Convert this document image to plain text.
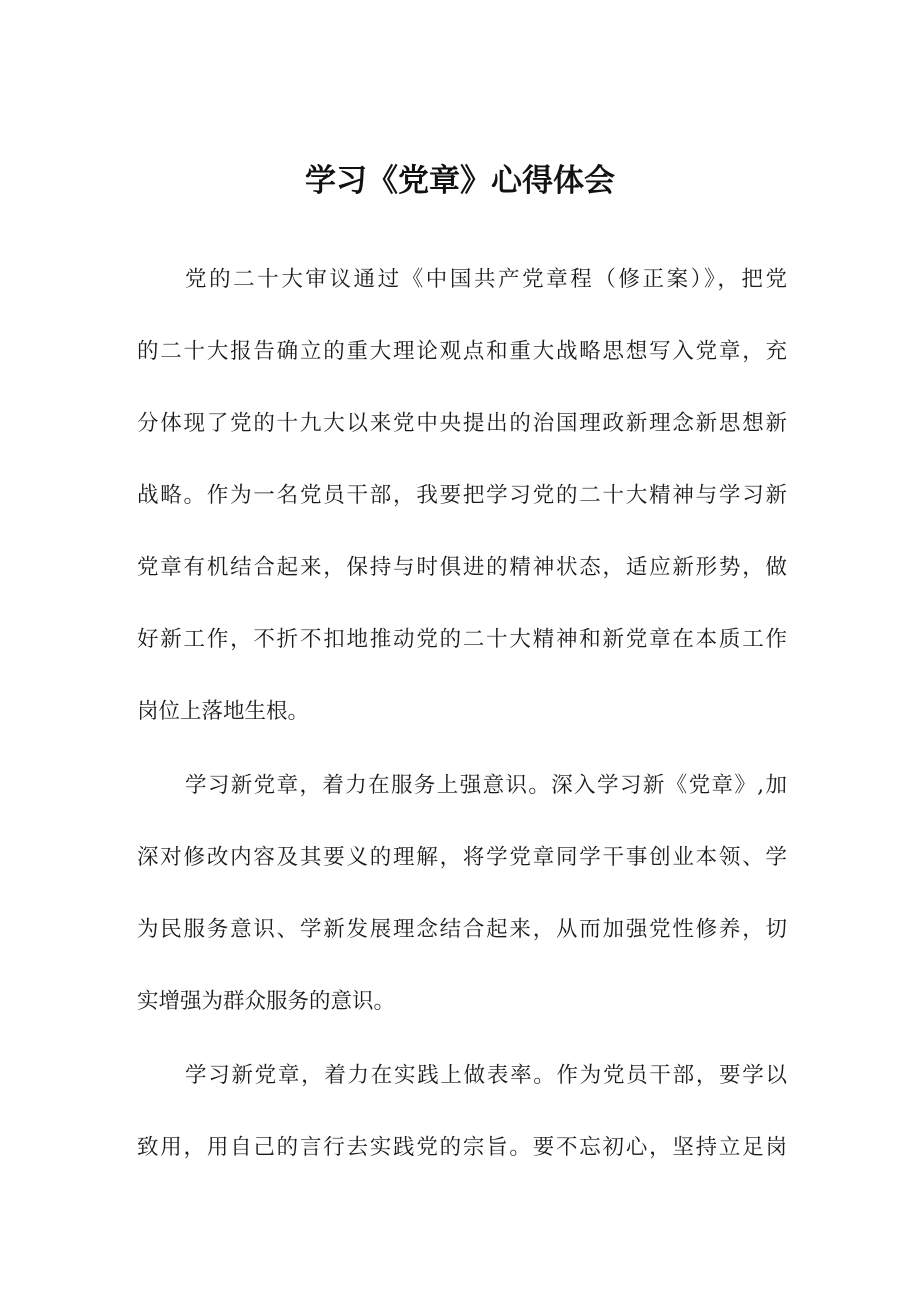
学习《党章》心得体会

党的二十大审议通过《中国共产党章程（修正案）》，把党

的二十大报告确立的重大理论观点和重大战略思想写入党章，充

分体现了党的十九大以来党中央提出的治国理政新理念新思想新

战略。作为一名党员干部，我要把学习党的二十大精神与学习新

党章有机结合起来，保持与时俱进的精神状态，适应新形势，做

好新工作，不折不扣地推动党的二十大精神和新党章在本质工作

岗位上落地生根。

学习新党章，着力在服务上强意识。深入学习新《党章》,加

深对修改内容及其要义的理解，将学党章同学干事创业本领、学

为民服务意识、学新发展理念结合起来，从而加强党性修养，切

实增强为群众服务的意识。

学习新党章，着力在实践上做表率。作为党员干部，要学以

致用，用自己的言行去实践党的宗旨。要不忘初心，坚持立足岗
